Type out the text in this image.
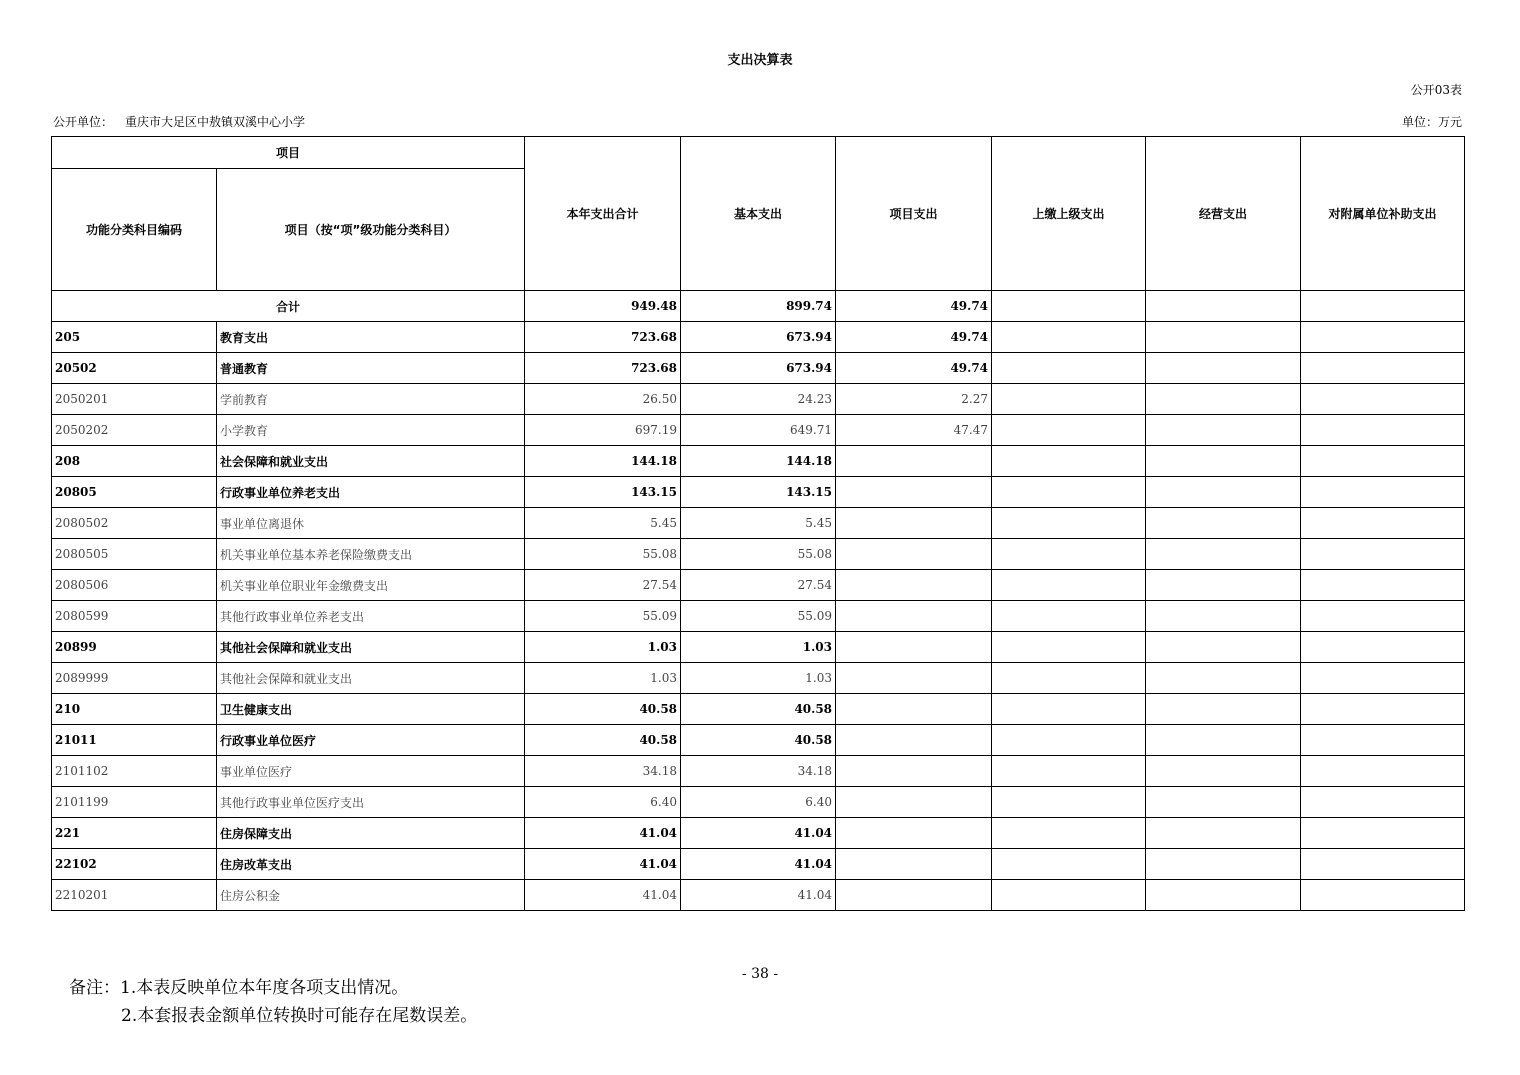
支出决算表
公开03表
公开单位： 重庆市大足区中敖镇双溪中心小学	单位：万元
项目		本年支出合计	基本支出	项目支出	上缴上级支出	经营支出	对附属单位补助支出
功能分类科目编码	项目（按“项”级功能分类科目）						
合计		949.48	899.74	49.74			
205	教育支出	723.68	673.94	49.74			
20502	普通教育	723.68	673.94	49.74			
2050201	学前教育	26.50	24.23	2.27			
2050202	小学教育	697.19	649.71	47.47			
208	社会保障和就业支出	144.18	144.18				
20805	行政事业单位养老支出	143.15	143.15				
2080502	事业单位离退休	5.45	5.45				
2080505	机关事业单位基本养老保险缴费支出	55.08	55.08				
2080506	机关事业单位职业年金缴费支出	27.54	27.54				
2080599	其他行政事业单位养老支出	55.09	55.09				
20899	其他社会保障和就业支出	1.03	1.03				
2089999	其他社会保障和就业支出	1.03	1.03				
210	卫生健康支出	40.58	40.58				
21011	行政事业单位医疗	40.58	40.58				
2101102	事业单位医疗	34.18	34.18				
2101199	其他行政事业单位医疗支出	6.40	6.40				
221	住房保障支出	41.04	41.04				
22102	住房改革支出	41.04	41.04				
2210201	住房公积金	41.04	41.04				
- 38 -
备注：1.本表反映单位本年度各项支出情况。
2.本套报表金额单位转换时可能存在尾数误差。
